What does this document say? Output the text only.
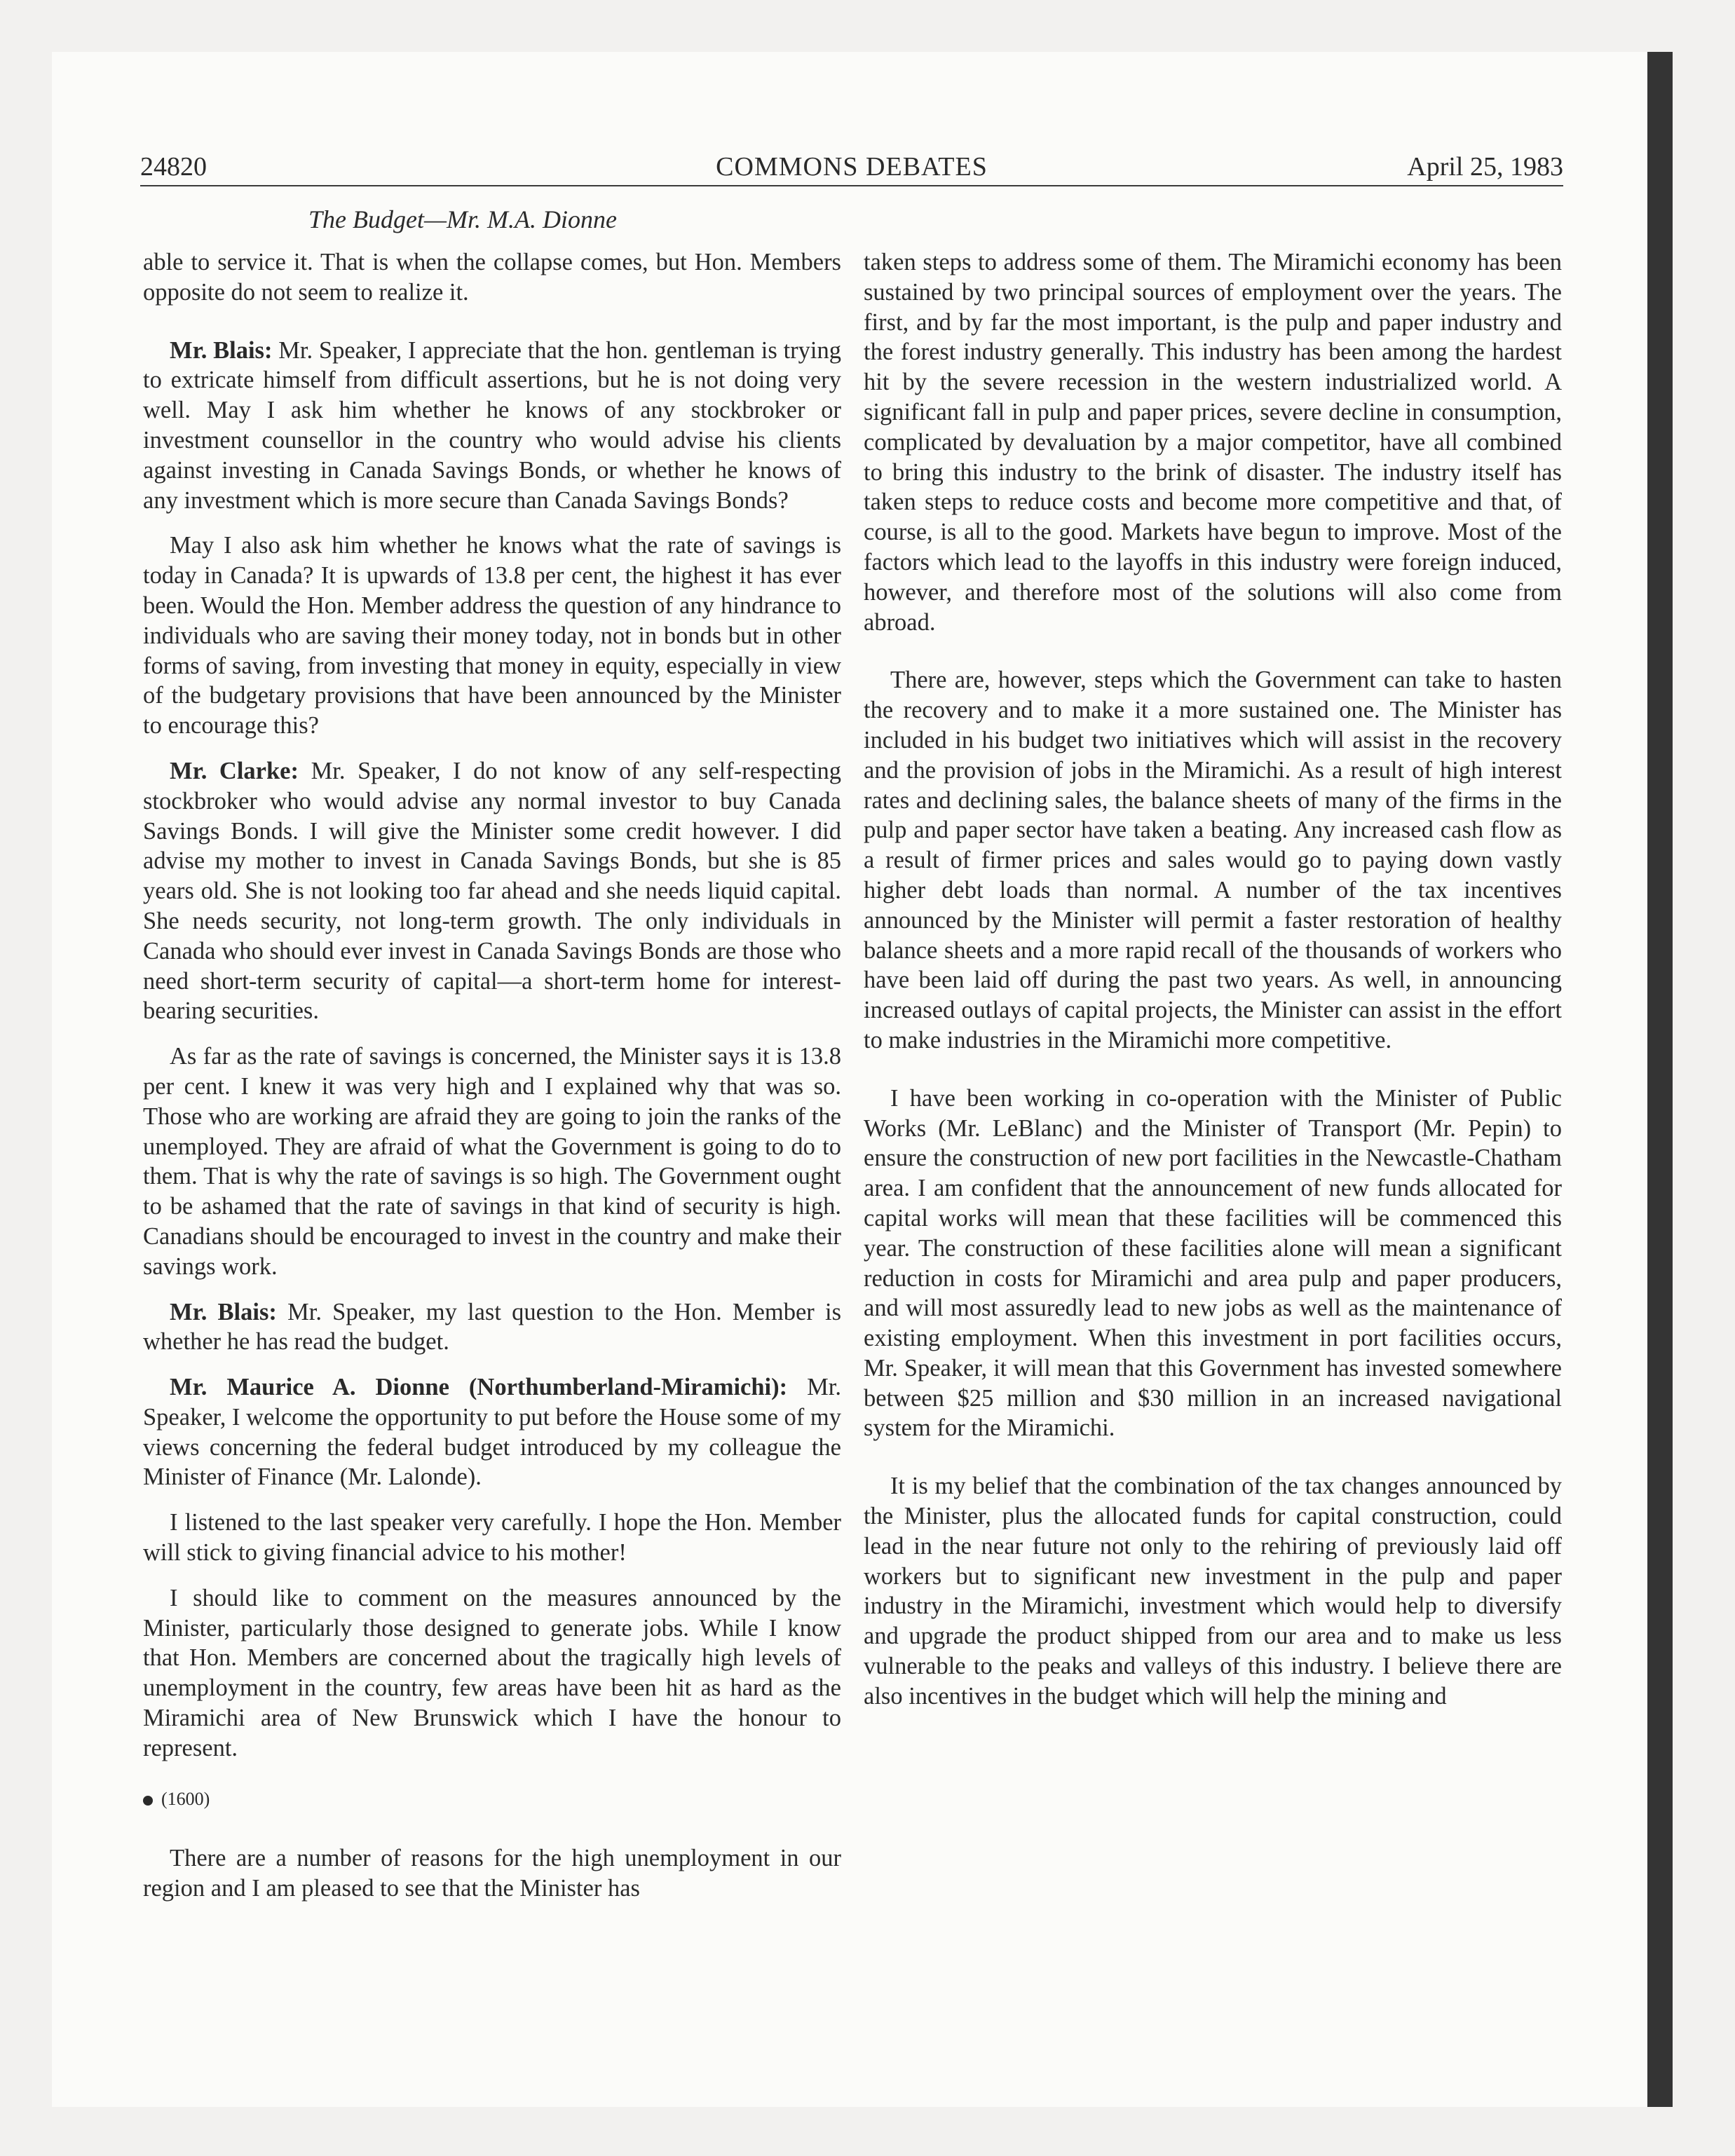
24820	COMMONS DEBATES	April 25, 1983
The Budget—Mr. M.A. Dionne

able to service it. That is when the collapse comes, but Hon. Members opposite do not seem to realize it.

Mr. Blais: Mr. Speaker, I appreciate that the hon. gentleman is trying to extricate himself from difficult assertions, but he is not doing very well. May I ask him whether he knows of any stockbroker or investment counsellor in the country who would advise his clients against investing in Canada Savings Bonds, or whether he knows of any investment which is more secure than Canada Savings Bonds?

May I also ask him whether he knows what the rate of savings is today in Canada? It is upwards of 13.8 per cent, the highest it has ever been. Would the Hon. Member address the question of any hindrance to individuals who are saving their money today, not in bonds but in other forms of saving, from investing that money in equity, especially in view of the budgetary provisions that have been announced by the Minister to encourage this?

Mr. Clarke: Mr. Speaker, I do not know of any self-respecting stockbroker who would advise any normal investor to buy Canada Savings Bonds. I will give the Minister some credit however. I did advise my mother to invest in Canada Savings Bonds, but she is 85 years old. She is not looking too far ahead and she needs liquid capital. She needs security, not long-term growth. The only individuals in Canada who should ever invest in Canada Savings Bonds are those who need short-term security of capital—a short-term home for interest-bearing securities.

As far as the rate of savings is concerned, the Minister says it is 13.8 per cent. I knew it was very high and I explained why that was so. Those who are working are afraid they are going to join the ranks of the unemployed. They are afraid of what the Government is going to do to them. That is why the rate of savings is so high. The Government ought to be ashamed that the rate of savings in that kind of security is high. Canadians should be encouraged to invest in the country and make their savings work.

Mr. Blais: Mr. Speaker, my last question to the Hon. Member is whether he has read the budget.

Mr. Maurice A. Dionne (Northumberland-Miramichi): Mr. Speaker, I welcome the opportunity to put before the House some of my views concerning the federal budget introduced by my colleague the Minister of Finance (Mr. Lalonde).

I listened to the last speaker very carefully. I hope the Hon. Member will stick to giving financial advice to his mother!

I should like to comment on the measures announced by the Minister, particularly those designed to generate jobs. While I know that Hon. Members are concerned about the tragically high levels of unemployment in the country, few areas have been hit as hard as the Miramichi area of New Brunswick which I have the honour to represent.

(1600)

There are a number of reasons for the high unemployment in our region and I am pleased to see that the Minister has

taken steps to address some of them. The Miramichi economy has been sustained by two principal sources of employment over the years. The first, and by far the most important, is the pulp and paper industry and the forest industry generally. This industry has been among the hardest hit by the severe recession in the western industrialized world. A significant fall in pulp and paper prices, severe decline in consumption, complicated by devaluation by a major competitor, have all combined to bring this industry to the brink of disaster. The industry itself has taken steps to reduce costs and become more competitive and that, of course, is all to the good. Markets have begun to improve. Most of the factors which lead to the layoffs in this industry were foreign induced, however, and therefore most of the solutions will also come from abroad.

There are, however, steps which the Government can take to hasten the recovery and to make it a more sustained one. The Minister has included in his budget two initiatives which will assist in the recovery and the provision of jobs in the Miramichi. As a result of high interest rates and declining sales, the balance sheets of many of the firms in the pulp and paper sector have taken a beating. Any increased cash flow as a result of firmer prices and sales would go to paying down vastly higher debt loads than normal. A number of the tax incentives announced by the Minister will permit a faster restoration of healthy balance sheets and a more rapid recall of the thousands of workers who have been laid off during the past two years. As well, in announcing increased outlays of capital projects, the Minister can assist in the effort to make industries in the Miramichi more competitive.

I have been working in co-operation with the Minister of Public Works (Mr. LeBlanc) and the Minister of Transport (Mr. Pepin) to ensure the construction of new port facilities in the Newcastle-Chatham area. I am confident that the announcement of new funds allocated for capital works will mean that these facilities will be commenced this year. The construction of these facilities alone will mean a significant reduction in costs for Miramichi and area pulp and paper producers, and will most assuredly lead to new jobs as well as the maintenance of existing employment. When this investment in port facilities occurs, Mr. Speaker, it will mean that this Government has invested somewhere between $25 million and $30 million in an increased navigational system for the Miramichi.

It is my belief that the combination of the tax changes announced by the Minister, plus the allocated funds for capital construction, could lead in the near future not only to the rehiring of previously laid off workers but to significant new investment in the pulp and paper industry in the Miramichi, investment which would help to diversify and upgrade the product shipped from our area and to make us less vulnerable to the peaks and valleys of this industry. I believe there are also incentives in the budget which will help the mining and
